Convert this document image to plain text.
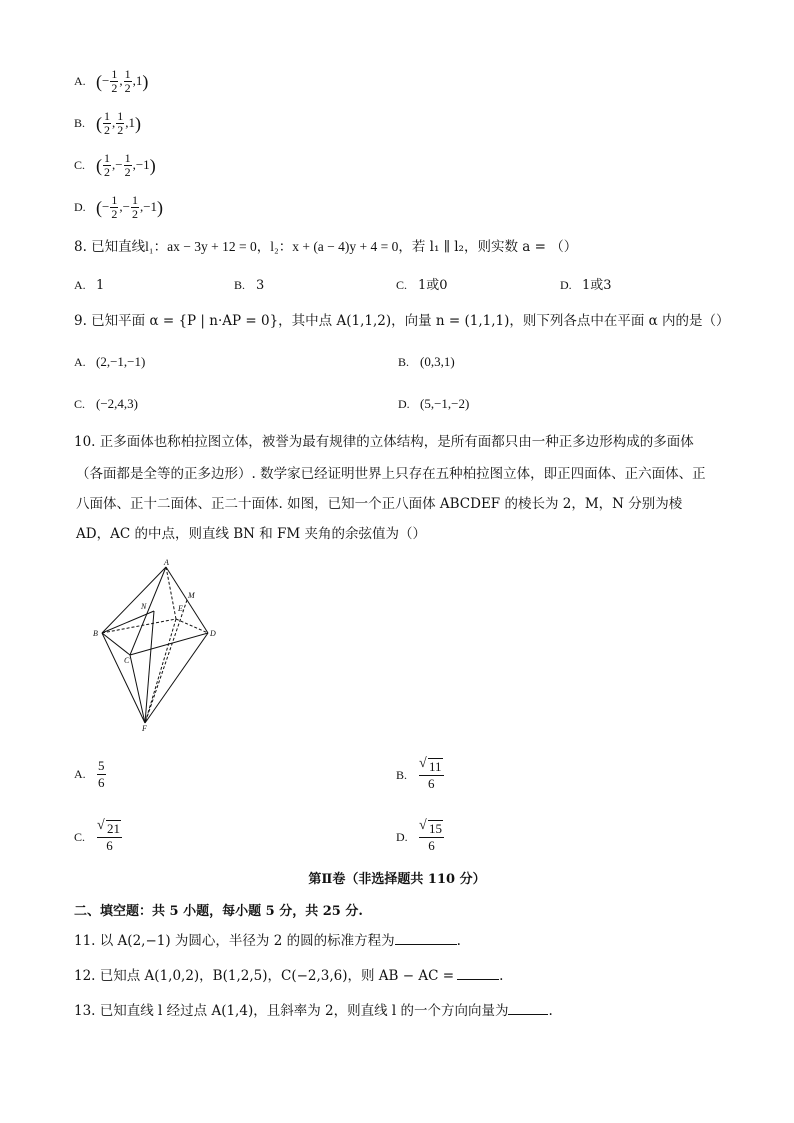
A. (− $\frac{1}{2}$ , $\frac{1}{2} ,1$)
B. ( $\frac{1}{2}$ , $\frac{1}{2} ,1$)
C. ( $\frac{1}{2}$ ,− $\frac{1}{2} ,-1$)
D. (− $\frac{1}{2}$ ,− $\frac{1}{2} ,-1$)
8. 已知直线l₁：ax − 3y + 12 = 0，l₂：x + (a − 4)y + 4 = 0，若 l₁ ∥ l₂，则实数 a = （）
A. 1	B. 3	C. 1或0	D. 1或3
9. 已知平面 α = {P | n·AP = 0}，其中点 A(1,1,2)，向量 n = (1,1,1)，则下列各点中在平面 α 内的是（）
A. (2,−1,−1)	B. (0,3,1)
C. (−2,4,3)	D. (5,−1,−2)
10. 正多面体也称柏拉图立体，被誉为最有规律的立体结构，是所有面都只由一种正多边形构成的多面体
（各面都是全等的正多边形）. 数学家已经证明世界上只存在五种柏拉图立体，即正四面体、正六面体、正
八面体、正十二面体、正二十面体. 如图，已知一个正八面体 ABCDEF 的棱长为 2，M，N 分别为棱
AD，AC 的中点，则直线 BN 和 FM 夹角的余弦值为（）
A
B
C
D
E
F
M
N
A. $\frac{5}{6}$	B. √ $\frac{11}{6}$
C. √ $\frac{21}{6}$	D. √ $\frac{15}{6}$
第Ⅱ卷（非选择题共 110 分）
二、填空题：共 5 小题，每小题 5 分，共 25 分.
11. 以 A(2,−1) 为圆心，半径为 2 的圆的标准方程为	.
12. 已知点 A(1,0,2)，B(1,2,5)，C(−2,3,6)，则 AB − AC =	.
13. 已知直线 l 经过点 A(1,4)，且斜率为 2，则直线 l 的一个方向向量为	.
